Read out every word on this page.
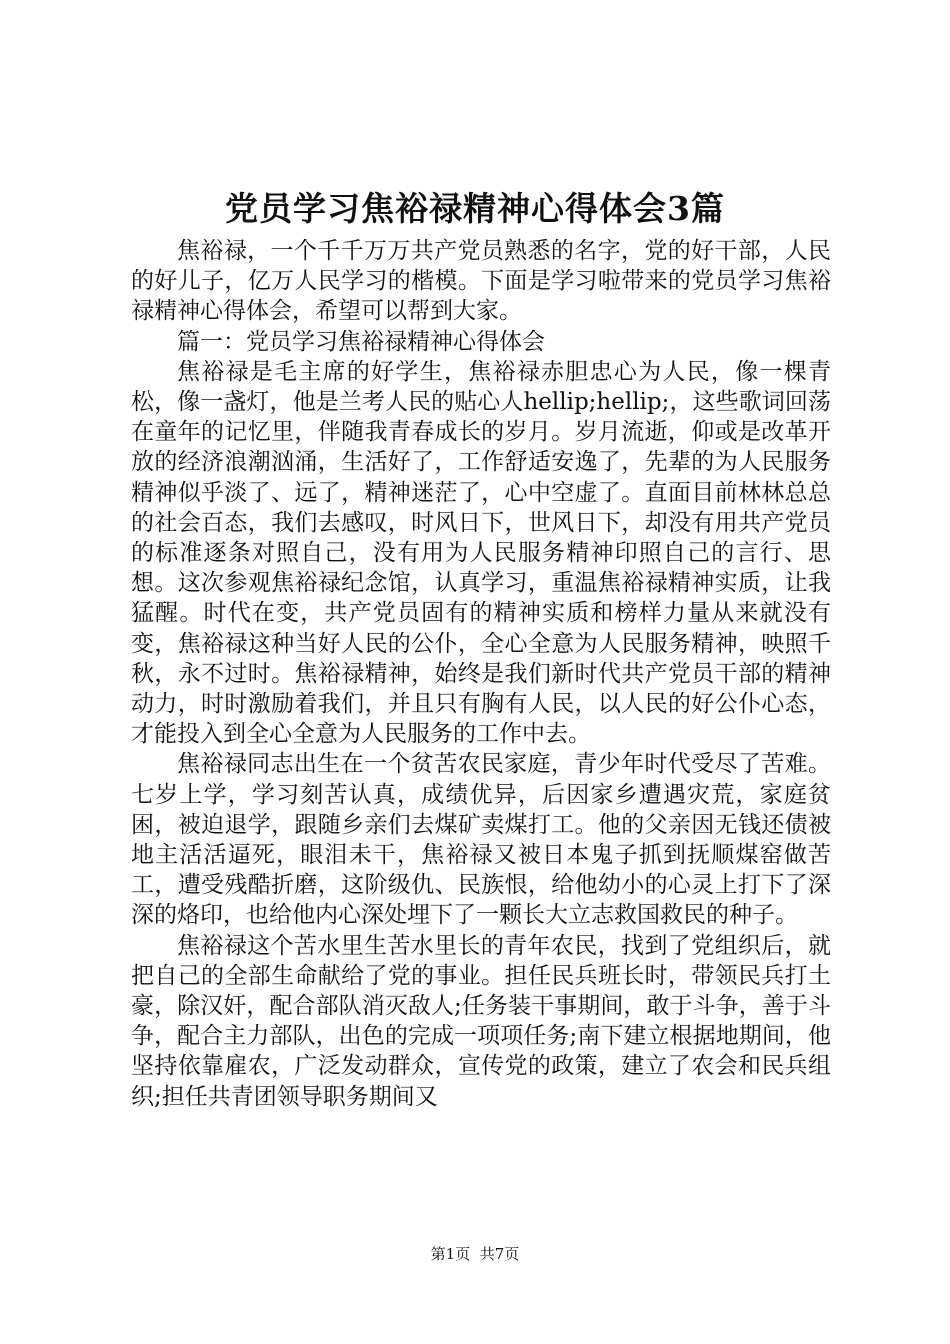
党员学习焦裕禄精神心得体会3篇

焦裕禄，一个千千万万共产党员熟悉的名字，党的好干部，人民的好儿子，亿万人民学习的楷模。下面是学习啦带来的党员学习焦裕禄精神心得体会，希望可以帮到大家。

篇一：党员学习焦裕禄精神心得体会

焦裕禄是毛主席的好学生，焦裕禄赤胆忠心为人民，像一棵青松，像一盏灯，他是兰考人民的贴心人hellip;hellip;，这些歌词回荡在童年的记忆里，伴随我青春成长的岁月。岁月流逝，仰或是改革开放的经济浪潮汹涌，生活好了，工作舒适安逸了，先辈的为人民服务精神似乎淡了、远了，精神迷茫了，心中空虚了。直面目前林林总总的社会百态，我们去感叹，时风日下，世风日下，却没有用共产党员的标准逐条对照自己，没有用为人民服务精神印照自己的言行、思想。这次参观焦裕禄纪念馆，认真学习，重温焦裕禄精神实质，让我猛醒。时代在变，共产党员固有的精神实质和榜样力量从来就没有变，焦裕禄这种当好人民的公仆，全心全意为人民服务精神，映照千秋，永不过时。焦裕禄精神，始终是我们新时代共产党员干部的精神动力，时时激励着我们，并且只有胸有人民，以人民的好公仆心态，才能投入到全心全意为人民服务的工作中去。

焦裕禄同志出生在一个贫苦农民家庭，青少年时代受尽了苦难。七岁上学，学习刻苦认真，成绩优异，后因家乡遭遇灾荒，家庭贫困，被迫退学，跟随乡亲们去煤矿卖煤打工。他的父亲因无钱还债被地主活活逼死，眼泪未干，焦裕禄又被日本鬼子抓到抚顺煤窑做苦工，遭受残酷折磨，这阶级仇、民族恨，给他幼小的心灵上打下了深深的烙印，也给他内心深处埋下了一颗长大立志救国救民的种子。

焦裕禄这个苦水里生苦水里长的青年农民，找到了党组织后，就把自己的全部生命献给了党的事业。担任民兵班长时，带领民兵打土豪，除汉奸，配合部队消灭敌人;任务装干事期间，敢于斗争，善于斗争，配合主力部队，出色的完成一项项任务;南下建立根据地期间，他坚持依靠雇农，广泛发动群众，宣传党的政策，建立了农会和民兵组织;担任共青团领导职务期间又

第1页 共7页
